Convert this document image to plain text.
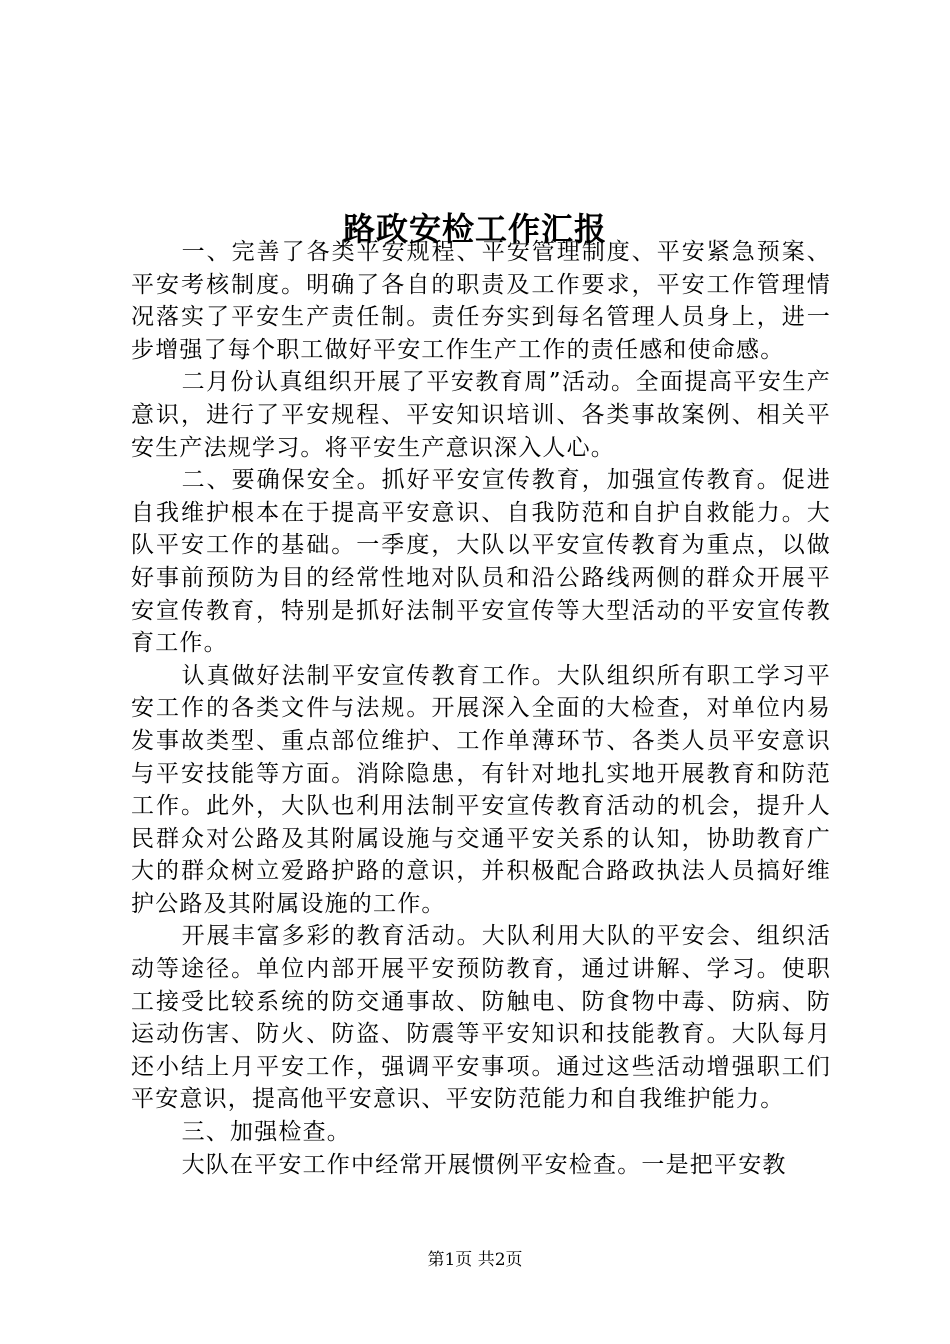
路政安检工作汇报

一、完善了各类平安规程、平安管理制度、平安紧急预案、平安考核制度。明确了各自的职责及工作要求，平安工作管理情况落实了平安生产责任制。责任夯实到每名管理人员身上，进一步增强了每个职工做好平安工作生产工作的责任感和使命感。

二月份认真组织开展了平安教育周”活动。全面提高平安生产意识，进行了平安规程、平安知识培训、各类事故案例、相关平安生产法规学习。将平安生产意识深入人心。

二、要确保安全。抓好平安宣传教育，加强宣传教育。促进自我维护根本在于提高平安意识、自我防范和自护自救能力。大队平安工作的基础。一季度，大队以平安宣传教育为重点，以做好事前预防为目的经常性地对队员和沿公路线两侧的群众开展平安宣传教育，特别是抓好法制平安宣传等大型活动的平安宣传教育工作。

认真做好法制平安宣传教育工作。大队组织所有职工学习平安工作的各类文件与法规。开展深入全面的大检查，对单位内易发事故类型、重点部位维护、工作单薄环节、各类人员平安意识与平安技能等方面。消除隐患，有针对地扎实地开展教育和防范工作。此外，大队也利用法制平安宣传教育活动的机会，提升人民群众对公路及其附属设施与交通平安关系的认知，协助教育广大的群众树立爱路护路的意识，并积极配合路政执法人员搞好维护公路及其附属设施的工作。

开展丰富多彩的教育活动。大队利用大队的平安会、组织活动等途径。单位内部开展平安预防教育，通过讲解、学习。使职工接受比较系统的防交通事故、防触电、防食物中毒、防病、防运动伤害、防火、防盗、防震等平安知识和技能教育。大队每月还小结上月平安工作，强调平安事项。通过这些活动增强职工们平安意识，提高他平安意识、平安防范能力和自我维护能力。

三、加强检查。

大队在平安工作中经常开展惯例平安检查。一是把平安教

第1页 共2页
